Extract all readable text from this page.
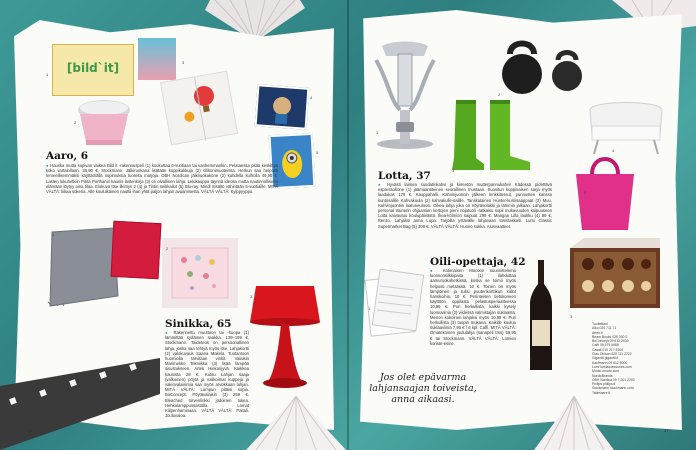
[bild`it]
1
2
3
4
5
Aaro, 6
● Hauska mutta sopivan vaikea Bild it -rakennuspeli (1) koukuttaa 6-vuotiaan tai vanhemmankin. Pelataessa pitää keskittyä koko vartalollaan. 36,90 €, Stockmann. Jälkiruokana lisätään kuppikakkuja (2) silikonimuoteissa. Herkun saa helposti terveellisemmäksi käyttämällä sopimuksia tuoreita marjoja. OBH Nordican jälkiruokakone (2) kahdella kulholla 49,95 €. Lasten lukuhetkiin Pirita Porthanin kaunis lastenkirja (3) on oivallinen lahja. Lelukauppa täynnä ideoita mutta nautinnolliseen elämään löytyy aina tilaa. Elokuva Itse ilkimys 2 (4) ja Tintin seikkailut (5) Blu-ray. Mindl Sisältö vähintään 5-vuotiaille. MITÄ VÄLTÄ: liikaa sokeria. Alle kouluikäinen nauttii ihan yhtä paljon lahjan avaamisesta. VÄLTÄ VÄLTÄ: Kylppyyppo.
1
2
3
Sinikka, 65
● Rakennettu muuttoon tai -huopa (1) lämmittää sydämen saakka. 139–199 €, Stockmann. Taideteos on persoonallinen lahja, jonka saa tehtyä myös itse. Lahjakortti (2) valokuvaus Saana Makela. Tuotantoon huomiolla tarvitaan vinkit. Valaisin Marimekko Tekniikka (3) lisää lämpöä sisustukseen. Artek Hiekanjyvä. Kaikkea kaunista 28 €. Kutsu Lahjan saaja (valkoinen) pöytä ja valikoimat kuppeja ja vakiovalaisimia saa myös arvokkaan lahjan. MITÄ VÄLTÄ: Lampun pitäisi sopia. BoConcept. Pöytävalaisin (3) 259 €. Bleached torvenlinkki jodoinen tukea. Hehkulamppuosastolla. Lomat Kiilpenhaminaan. VÄLTÄ VÄLTÄ: Paitali. Jouluvaloa.
36
1
2
3
4
5
Lotta, 37
● Hyvästi laimea suodatinkahvi ja kiireetön mutterpannukahvi! Kädessä pidettävä espressokone (1) jäämaantiteinen seurallinen mustaan. Suositun kuppinaisen sarja myös laadukas 179 €, Kauppahalli. Kahvinjuonnin jälkeen lenkkitossut, punnusten kanssa kuntosalille Kahvakuula (2) kahvakulle-salille. Tanskalainen Hunter-kumisaappaat (3) Muu. Kahvinjuontiin laatuneuloosi. Oikea lahja joka on nöyräsolakki ja lämmin jalkaan. Lahjakortti personal trainerin ohjaamien kertojen pieni nojatuoli -ratkaisu sopii mukavuuden kaipuuseen Lotta kaivautuu koulupäivästä. Ikea-kolmion saipuat 299 €. Mangan Lilla laukku (4) 89 €, Kenzo. Lahjaksi anna Lupa. Tarjoilla ystävälle lahjavaan tosistakkasi. Lumi Classic Supermarket Bag (5) 309 €. VÄLTÄ VÄLTÄ: Huono sukka. Alusvaatteet.
1
2
3
Oili-opettaja, 42
● Kotimaisen Mocoon suunnittelema luonnonsilkkipaita (1) ilahduttaa aamuruokahetkissä, koska se toimii myös helposti metsässä. 10 €. Toinen on myös lämpöinen ja tulisi puuterikorttikun kiillot hanskoihin. 10 €. Perinteisen tietokoneen käyttöön oppilasta pelastusperiaatteessa 10,99 €. Puri herkullista, kaikki kysely luomuviinia (2) viidessä valmistajan suklaasta. Menon kokoinen lahjaksi myös 10,99 €. Puri herkullista (3) tuopin mukana. Kaikille kuuluu suklaaviiniä 7,90 € / 6 kpl. Caffi. MITÄ VÄLTÄ: Omatekoinen joululahja (sanapeli tms) 59,95 € tai Stockmann. VÄLTÄ VÄLTÄ: Lomien koriste-esine.
Jos olet epävarma lahjansaajan toiveista, anna aikaasi.
Tuotteitani
Alko 020 711 71
Artek.fi
Beam Books 029 030 0
BoConcept 09 612 2030
Caffi 09 679 6688
Casall 010 217 5300
Clas Ohlson 020 111 2222
Gigantti gigantti.fi
Kaufmann 09 612 9000
Lumi lumiaccessories.com
Muuto muuto.com
NordicBrands
OBH Nordica 09 7 201 2200
Philips philips.fi
Stockmann stockmann.com
Tableware.fi
37
